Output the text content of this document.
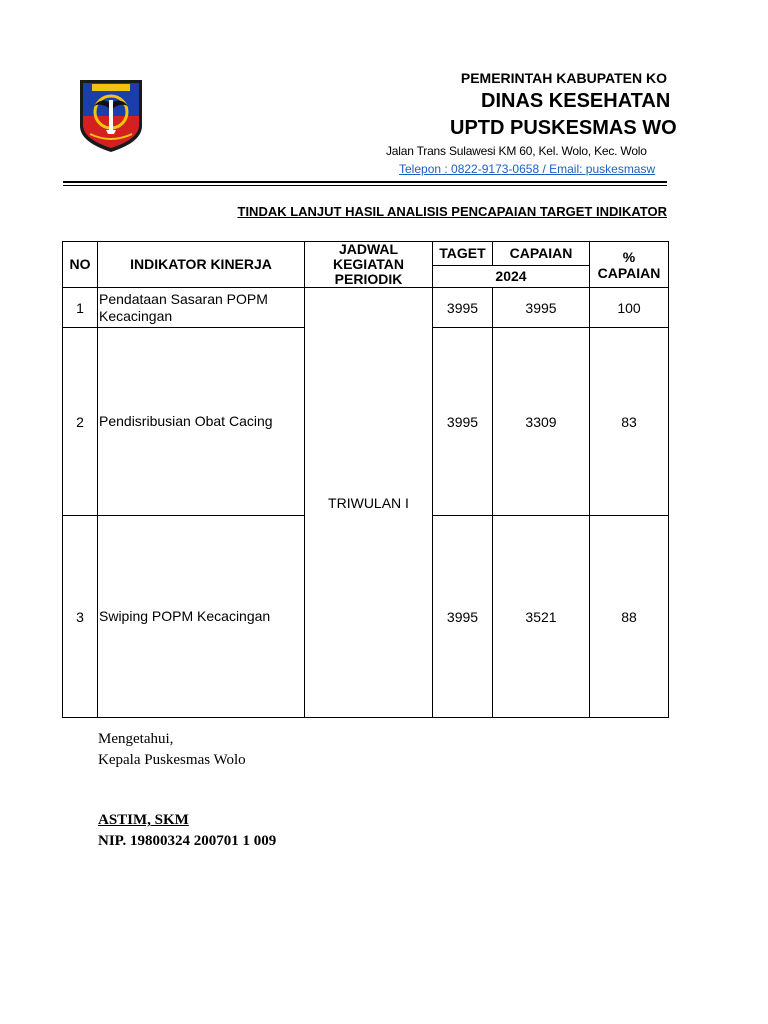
PEMERINTAH KABUPATEN KO
DINAS KESEHATAN
UPTD PUSKESMAS WO
Jalan Trans Sulawesi KM 60, Kel. Wolo, Kec. Wolo
Telepon : 0822-9173-0658 / Email: puskesmasw
TINDAK LANJUT HASIL ANALISIS PENCAPAIAN TARGET INDIKATOR
NO	INDIKATOR KINERJA	JADWAL KEGIATAN PERIODIK	TAGET	CAPAIAN	% CAPAIAN
			2024		
1	Pendataan Sasaran POPM Kecacingan	TRIWULAN I	3995	3995	100
2	Pendisribusian Obat Cacing		3995	3309	83
3	Swiping POPM Kecacingan		3995	3521	88
Mengetahui,
Kepala Puskesmas Wolo
ASTIM, SKM
NIP. 19800324 200701 1 009
